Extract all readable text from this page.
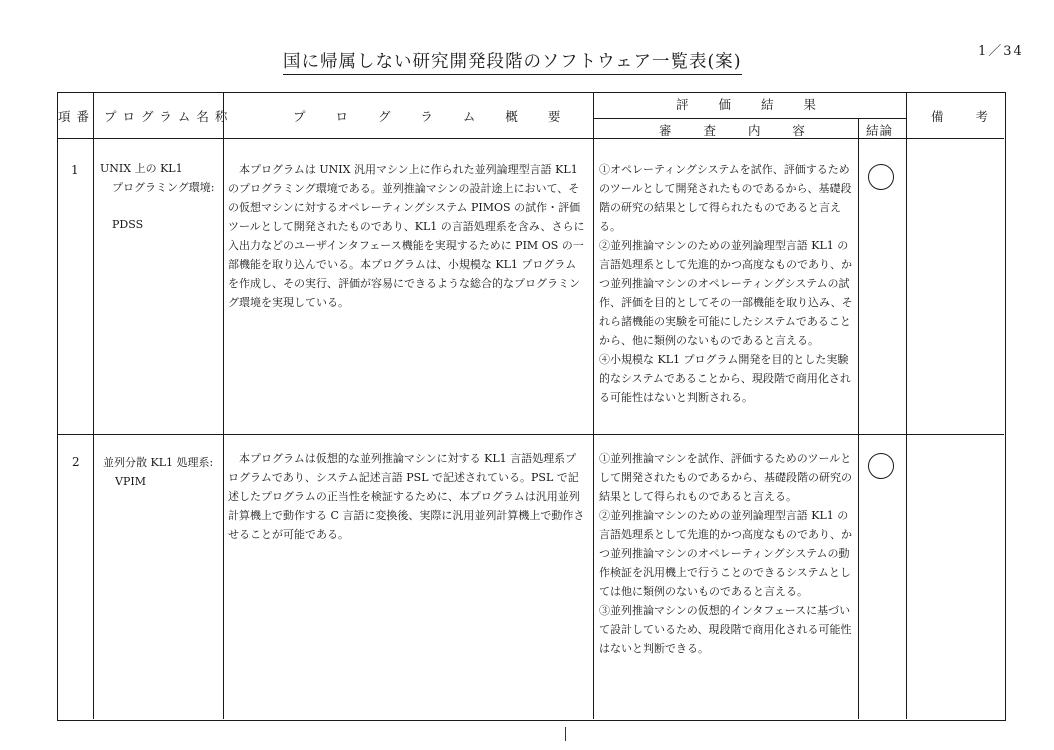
1／34
国に帰属しない研究開発段階のソフトウェア一覧表(案)
項 番 プ ロ グ ラ ム 名 称	プ ロ グ ラ ム 概 要
評 価 結 果
審 査 内 容	結論
備 考
1 UNIX 上の KL1
プログラミング環境:
PDSS
　本プログラムは UNIX 汎用マシン上に作られた並列論理型言語 KL1 のプログラミング環境である。並列推論マシンの設計途上において、その仮想マシンに対するオペレーティングシステム PIMOS の試作・評価ツールとして開発されたものであり、KL1 の言語処理系を含み、さらに入出力などのユーザインタフェース機能を実現するために PIM OS の一部機能を取り込んでいる。本プログラムは、小規模な KL1 プログラムを作成し、その実行、評価が容易にできるような総合的なプログラミング環境を実現している。

①オペレーティングシステムを試作、評価するためのツールとして開発されたものであるから、基礎段階の研究の結果として得られたものであると言える。

②並列推論マシンのための並列論理型言語 KL1 の言語処理系として先進的かつ高度なものであり、かつ並列推論マシンのオペレーティングシステムの試作、評価を目的としてその一部機能を取り込み、それら諸機能の実験を可能にしたシステムであることから、他に類例のないものであると言える。

④小規模な KL1 プログラム開発を目的とした実験的なシステムであることから、現段階で商用化される可能性はないと判断される。

2 並列分散 KL1 処理系:
VPIM
　本プログラムは仮想的な並列推論マシンに対する KL1 言語処理系プログラムであり、システム記述言語 PSL で記述されている。PSL で記述したプログラムの正当性を検証するために、本プログラムは汎用並列計算機上で動作する C 言語に変換後、実際に汎用並列計算機上で動作させることが可能である。

①並列推論マシンを試作、評価するためのツールとして開発されたものであるから、基礎段階の研究の結果として得られものであると言える。

②並列推論マシンのための並列論理型言語 KL1 の言語処理系として先進的かつ高度なものであり、かつ並列推論マシンのオペレーティングシステムの動作検証を汎用機上で行うことのできるシステムとしては他に類例のないものであると言える。

③並列推論マシンの仮想的インタフェースに基づいて設計しているため、現段階で商用化される可能性はないと判断できる。
